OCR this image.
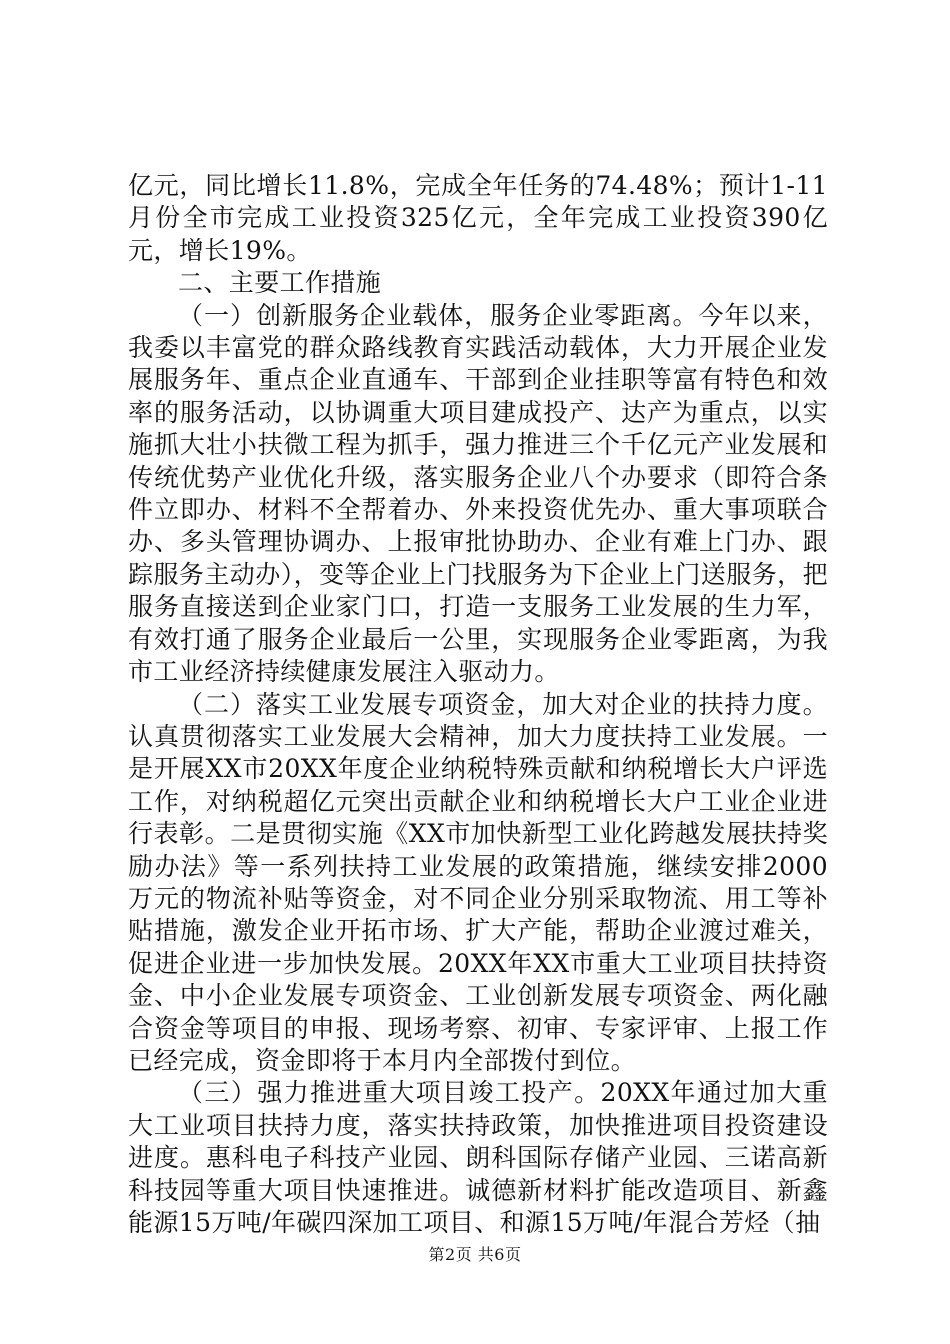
亿元，同比增长11.8%，完成全年任务的74.48%；预计1-11月份全市完成工业投资325亿元，全年完成工业投资390亿元，增长19%。

二、主要工作措施

（一）创新服务企业载体，服务企业零距离。今年以来，我委以丰富党的群众路线教育实践活动载体，大力开展企业发展服务年、重点企业直通车、干部到企业挂职等富有特色和效率的服务活动，以协调重大项目建成投产、达产为重点，以实施抓大壮小扶微工程为抓手，强力推进三个千亿元产业发展和传统优势产业优化升级，落实服务企业八个办要求（即符合条件立即办、材料不全帮着办、外来投资优先办、重大事项联合办、多头管理协调办、上报审批协助办、企业有难上门办、跟踪服务主动办），变等企业上门找服务为下企业上门送服务，把服务直接送到企业家门口，打造一支服务工业发展的生力军，有效打通了服务企业最后一公里，实现服务企业零距离，为我市工业经济持续健康发展注入驱动力。

（二）落实工业发展专项资金，加大对企业的扶持力度。认真贯彻落实工业发展大会精神，加大力度扶持工业发展。一是开展XX市20XX年度企业纳税特殊贡献和纳税增长大户评选工作，对纳税超亿元突出贡献企业和纳税增长大户工业企业进行表彰。二是贯彻实施《XX市加快新型工业化跨越发展扶持奖励办法》等一系列扶持工业发展的政策措施，继续安排2000万元的物流补贴等资金，对不同企业分别采取物流、用工等补贴措施，激发企业开拓市场、扩大产能，帮助企业渡过难关，促进企业进一步加快发展。20XX年XX市重大工业项目扶持资金、中小企业发展专项资金、工业创新发展专项资金、两化融合资金等项目的申报、现场考察、初审、专家评审、上报工作已经完成，资金即将于本月内全部拨付到位。

（三）强力推进重大项目竣工投产。20XX年通过加大重大工业项目扶持力度，落实扶持政策，加快推进项目投资建设进度。惠科电子科技产业园、朗科国际存储产业园、三诺高新科技园等重大项目快速推进。诚德新材料扩能改造项目、新鑫能源15万吨/年碳四深加工项目、和源15万吨/年混合芳烃（抽

第2页 共6页
